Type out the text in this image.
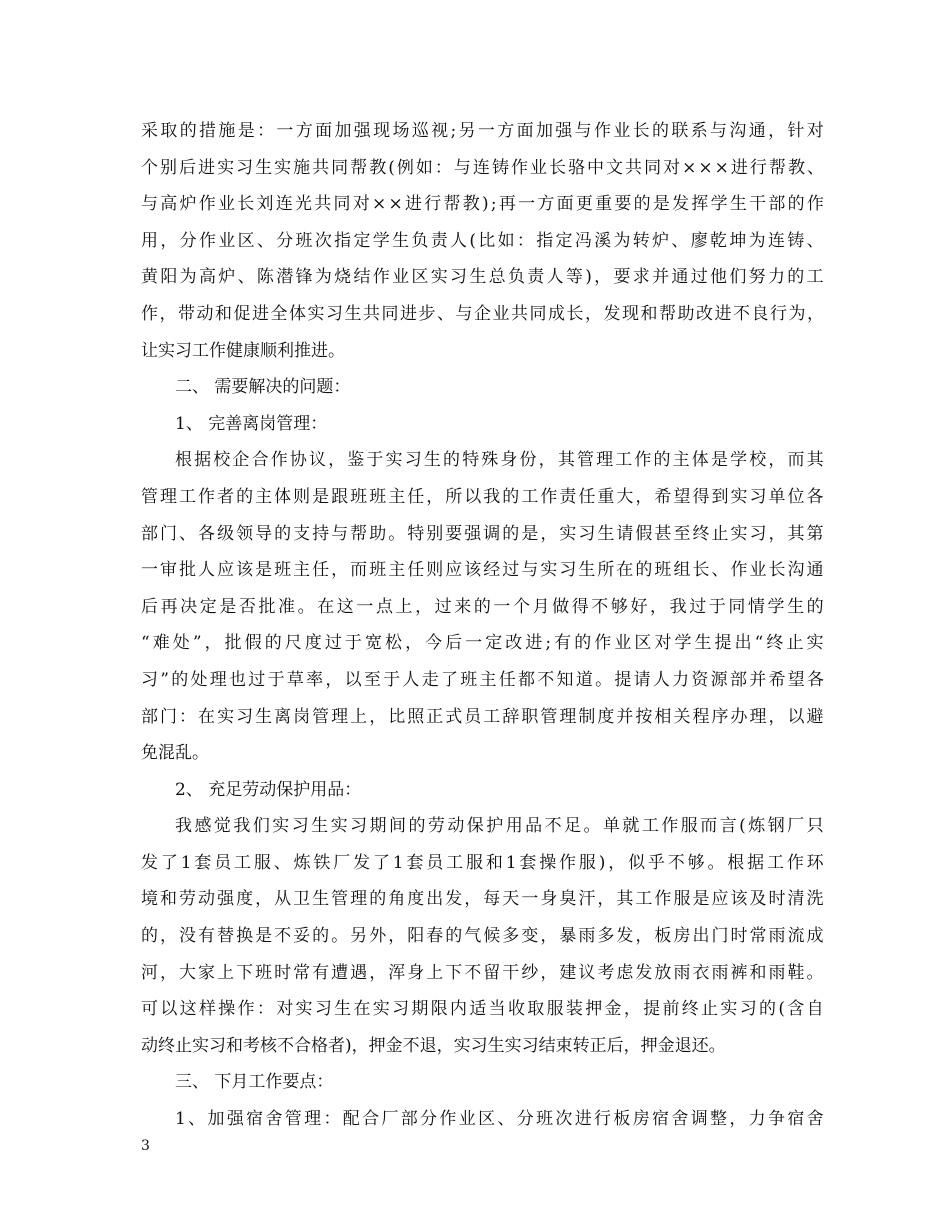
采 取 的 措 施 是 ： 一 方 面 加 强 现 场 巡 视 ; 另 一 方 面 加 强 与 作 业 长 的 联 系 与 沟 通 ， 针 对
个 别 后 进 实 习 生 实 施 共 同 帮 教 ( 例 如 ： 与 连 铸 作 业 长 骆 中 文 共 同 对 × × × 进 行 帮 教 、
与 高 炉 作 业 长 刘 连 光 共 同 对 × × 进 行 帮 教 ) ; 再 一 方 面 更 重 要 的 是 发 挥 学 生 干 部 的 作
用 ， 分 作 业 区 、 分 班 次 指 定 学 生 负 责 人 ( 比 如 ： 指 定 冯 溪 为 转 炉 、 廖 乾 坤 为 连 铸 、
黄 阳 为 高 炉 、 陈 潜 锋 为 烧 结 作 业 区 实 习 生 总 负 责 人 等 ) ， 要 求 并 通 过 他 们 努 力 的 工
作 ， 带 动 和 促 进 全 体 实 习 生 共 同 进 步 、 与 企 业 共 同 成 长 ， 发 现 和 帮 助 改 进 不 良 行 为 ，
让实习工作健康顺利推进。
二、 需要解决的问题：
1、 完善离岗管理：
根 据 校 企 合 作 协 议 ， 鉴 于 实 习 生 的 特 殊 身 份 ， 其 管 理 工 作 的 主 体 是 学 校 ， 而 其
管 理 工 作 者 的 主 体 则 是 跟 班 班 主 任 ， 所 以 我 的 工 作 责 任 重 大 ， 希 望 得 到 实 习 单 位 各
部 门 、 各 级 领 导 的 支 持 与 帮 助 。 特 别 要 强 调 的 是 ， 实 习 生 请 假 甚 至 终 止 实 习 ， 其 第
一 审 批 人 应 该 是 班 主 任 ， 而 班 主 任 则 应 该 经 过 与 实 习 生 所 在 的 班 组 长 、 作 业 长 沟 通
后 再 决 定 是 否 批 准 。 在 这 一 点 上 ， 过 来 的 一 个 月 做 得 不 够 好 ， 我 过 于 同 情 学 生 的
“ 难 处 ” ， 批 假 的 尺 度 过 于 宽 松 ， 今 后 一 定 改 进 ; 有 的 作 业 区 对 学 生 提 出 “ 终 止 实
习 ” 的 处 理 也 过 于 草 率 ， 以 至 于 人 走 了 班 主 任 都 不 知 道 。 提 请 人 力 资 源 部 并 希 望 各
部 门 ： 在 实 习 生 离 岗 管 理 上 ， 比 照 正 式 员 工 辞 职 管 理 制 度 并 按 相 关 程 序 办 理 ， 以 避
免混乱。
2、 充足劳动保护用品：
我 感 觉 我 们 实 习 生 实 习 期 间 的 劳 动 保 护 用 品 不 足 。 单 就 工 作 服 而 言 ( 炼 钢 厂 只
发 了 1 套 员 工 服 、 炼 铁 厂 发 了 1 套 员 工 服 和 1 套 操 作 服 ) ， 似 乎 不 够 。 根 据 工 作 环
境 和 劳 动 强 度 ， 从 卫 生 管 理 的 角 度 出 发 ， 每 天 一 身 臭 汗 ， 其 工 作 服 是 应 该 及 时 清 洗
的 ， 没 有 替 换 是 不 妥 的 。 另 外 ， 阳 春 的 气 候 多 变 ， 暴 雨 多 发 ， 板 房 出 门 时 常 雨 流 成
河 ， 大 家 上 下 班 时 常 有 遭 遇 ， 浑 身 上 下 不 留 干 纱 ， 建 议 考 虑 发 放 雨 衣 雨 裤 和 雨 鞋 。
可 以 这 样 操 作 ： 对 实 习 生 在 实 习 期 限 内 适 当 收 取 服 装 押 金 ， 提 前 终 止 实 习 的 ( 含 自
动终止实习和考核不合格者)，押金不退，实习生实习结束转正后，押金退还。
三、 下月工作要点：
1 、 加 强 宿 舍 管 理 ： 配 合 厂 部 分 作 业 区 、 分 班 次 进 行 板 房 宿 舍 调 整 ， 力 争 宿 舍
3
